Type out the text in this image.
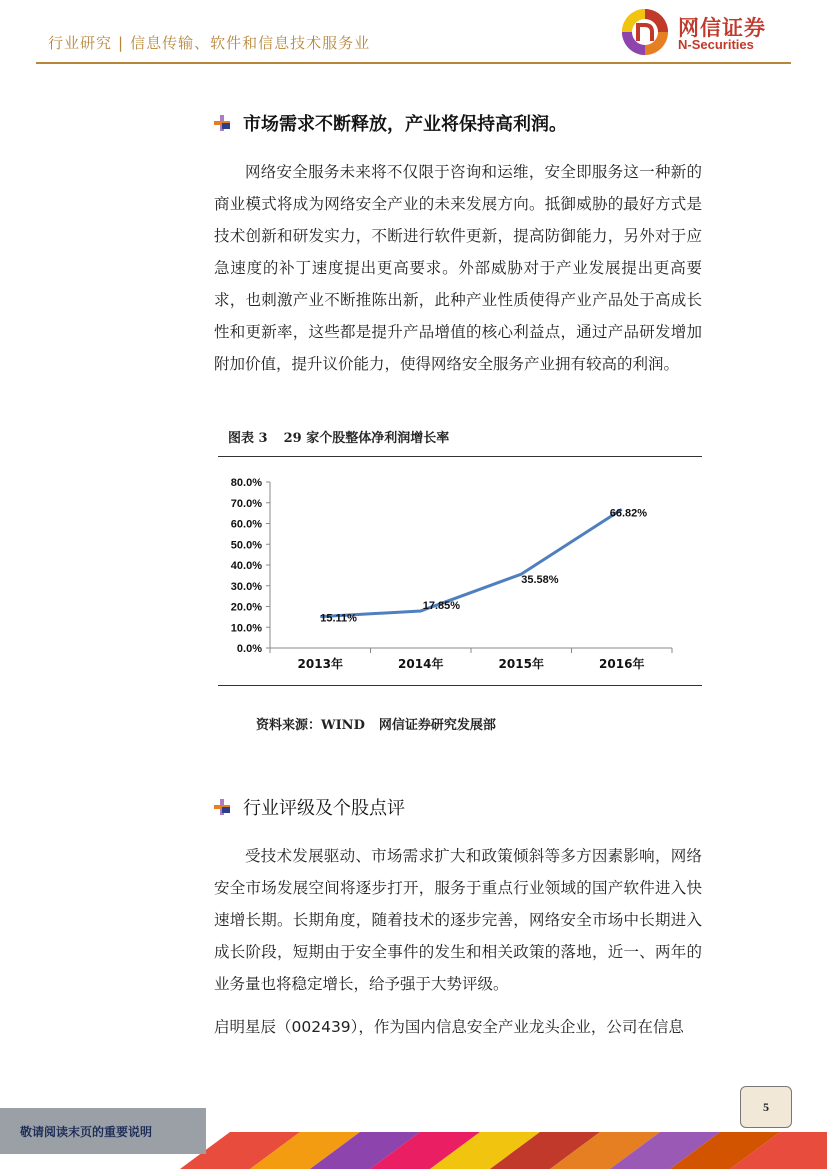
行业研究 | 信息传输、软件和信息技术服务业
网信证券
N-Securities
市场需求不断释放，产业将保持高利润。
网络安全服务未来将不仅限于咨询和运维，安全即服务这一种新的商业模式将成为网络安全产业的未来发展方向。抵御威胁的最好方式是技术创新和研发实力，不断进行软件更新，提高防御能力，另外对于应急速度的补丁速度提出更高要求。外部威胁对于产业发展提出更高要求，也刺激产业不断推陈出新，此种产业性质使得产业产品处于高成长性和更新率，这些都是提升产品增值的核心利益点，通过产品研发增加附加价值，提升议价能力，使得网络安全服务产业拥有较高的利润。
图表 3 29 家个股整体净利润增长率
0.0%
10.0%
20.0%
30.0%
40.0%
50.0%
60.0%
70.0%
80.0%
2013年	2014年	2015年	2016年
15.11%
17.85%
35.58%
66.82%
资料来源：WIND 网信证券研究发展部
行业评级及个股点评
受技术发展驱动、市场需求扩大和政策倾斜等多方因素影响，网络安全市场发展空间将逐步打开，服务于重点行业领域的国产软件进入快速增长期。长期角度，随着技术的逐步完善，网络安全市场中长期进入成长阶段，短期由于安全事件的发生和相关政策的落地，近一、两年的业务量也将稳定增长，给予强于大势评级。
启明星辰（002439），作为国内信息安全产业龙头企业，公司在信息
5
敬请阅读末页的重要说明
